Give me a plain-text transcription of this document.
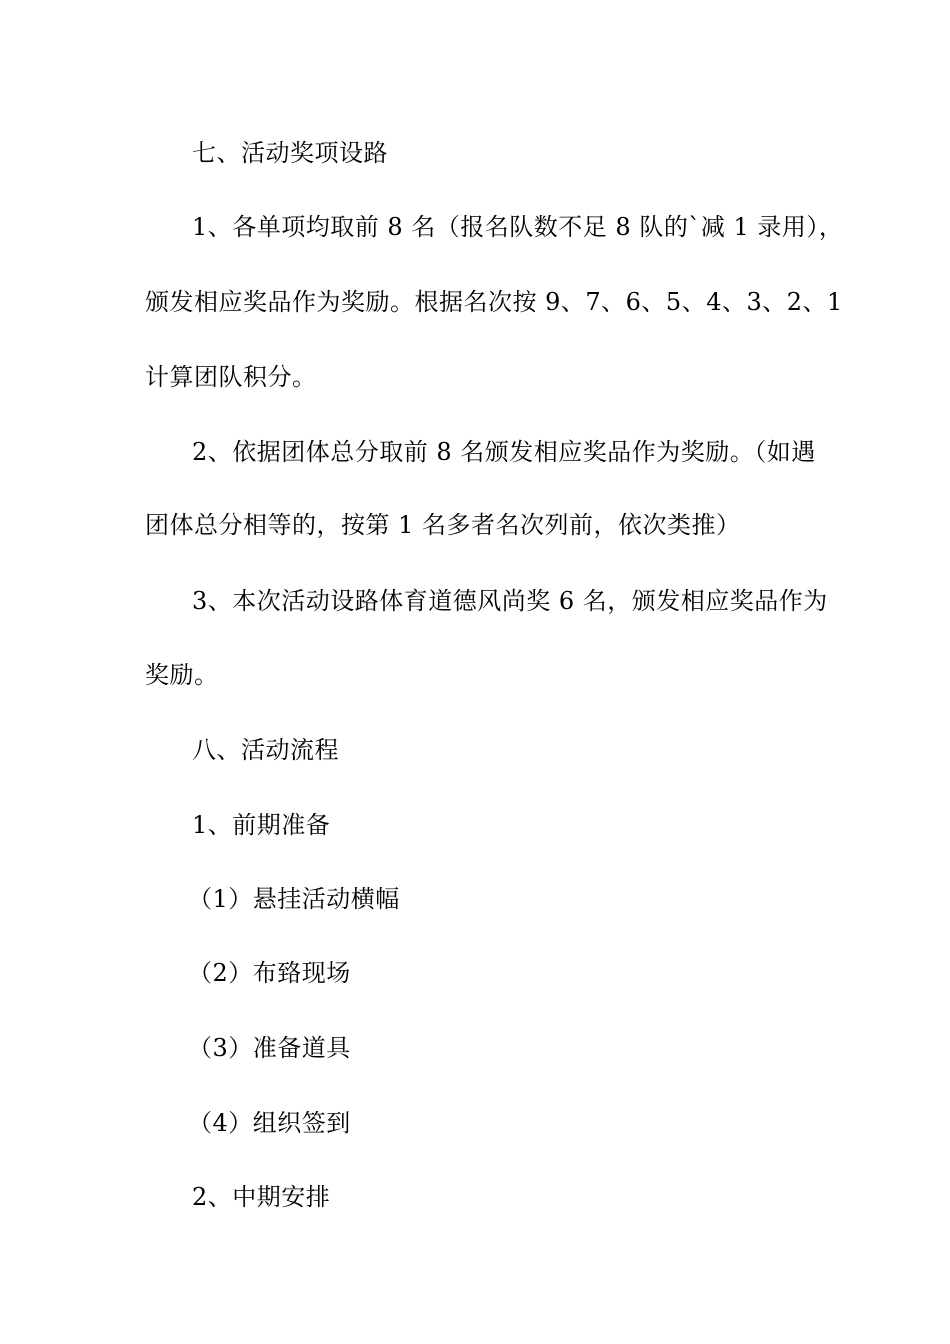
七、活动奖项设路
1、各单项均取前 8 名（报名队数不足 8 队的`减 1 录用），
颁发相应奖品作为奖励。根据名次按 9、7、6、5、4、3、2、1
计算团队积分。
2、依据团体总分取前 8 名颁发相应奖品作为奖励。（如遇
团体总分相等的，按第 1 名多者名次列前，依次类推）
3、本次活动设路体育道德风尚奖 6 名，颁发相应奖品作为
奖励。
八、活动流程
1、前期准备
（1）悬挂活动横幅
（2）布臵现场
（3）准备道具
（4）组织签到
2、中期安排
